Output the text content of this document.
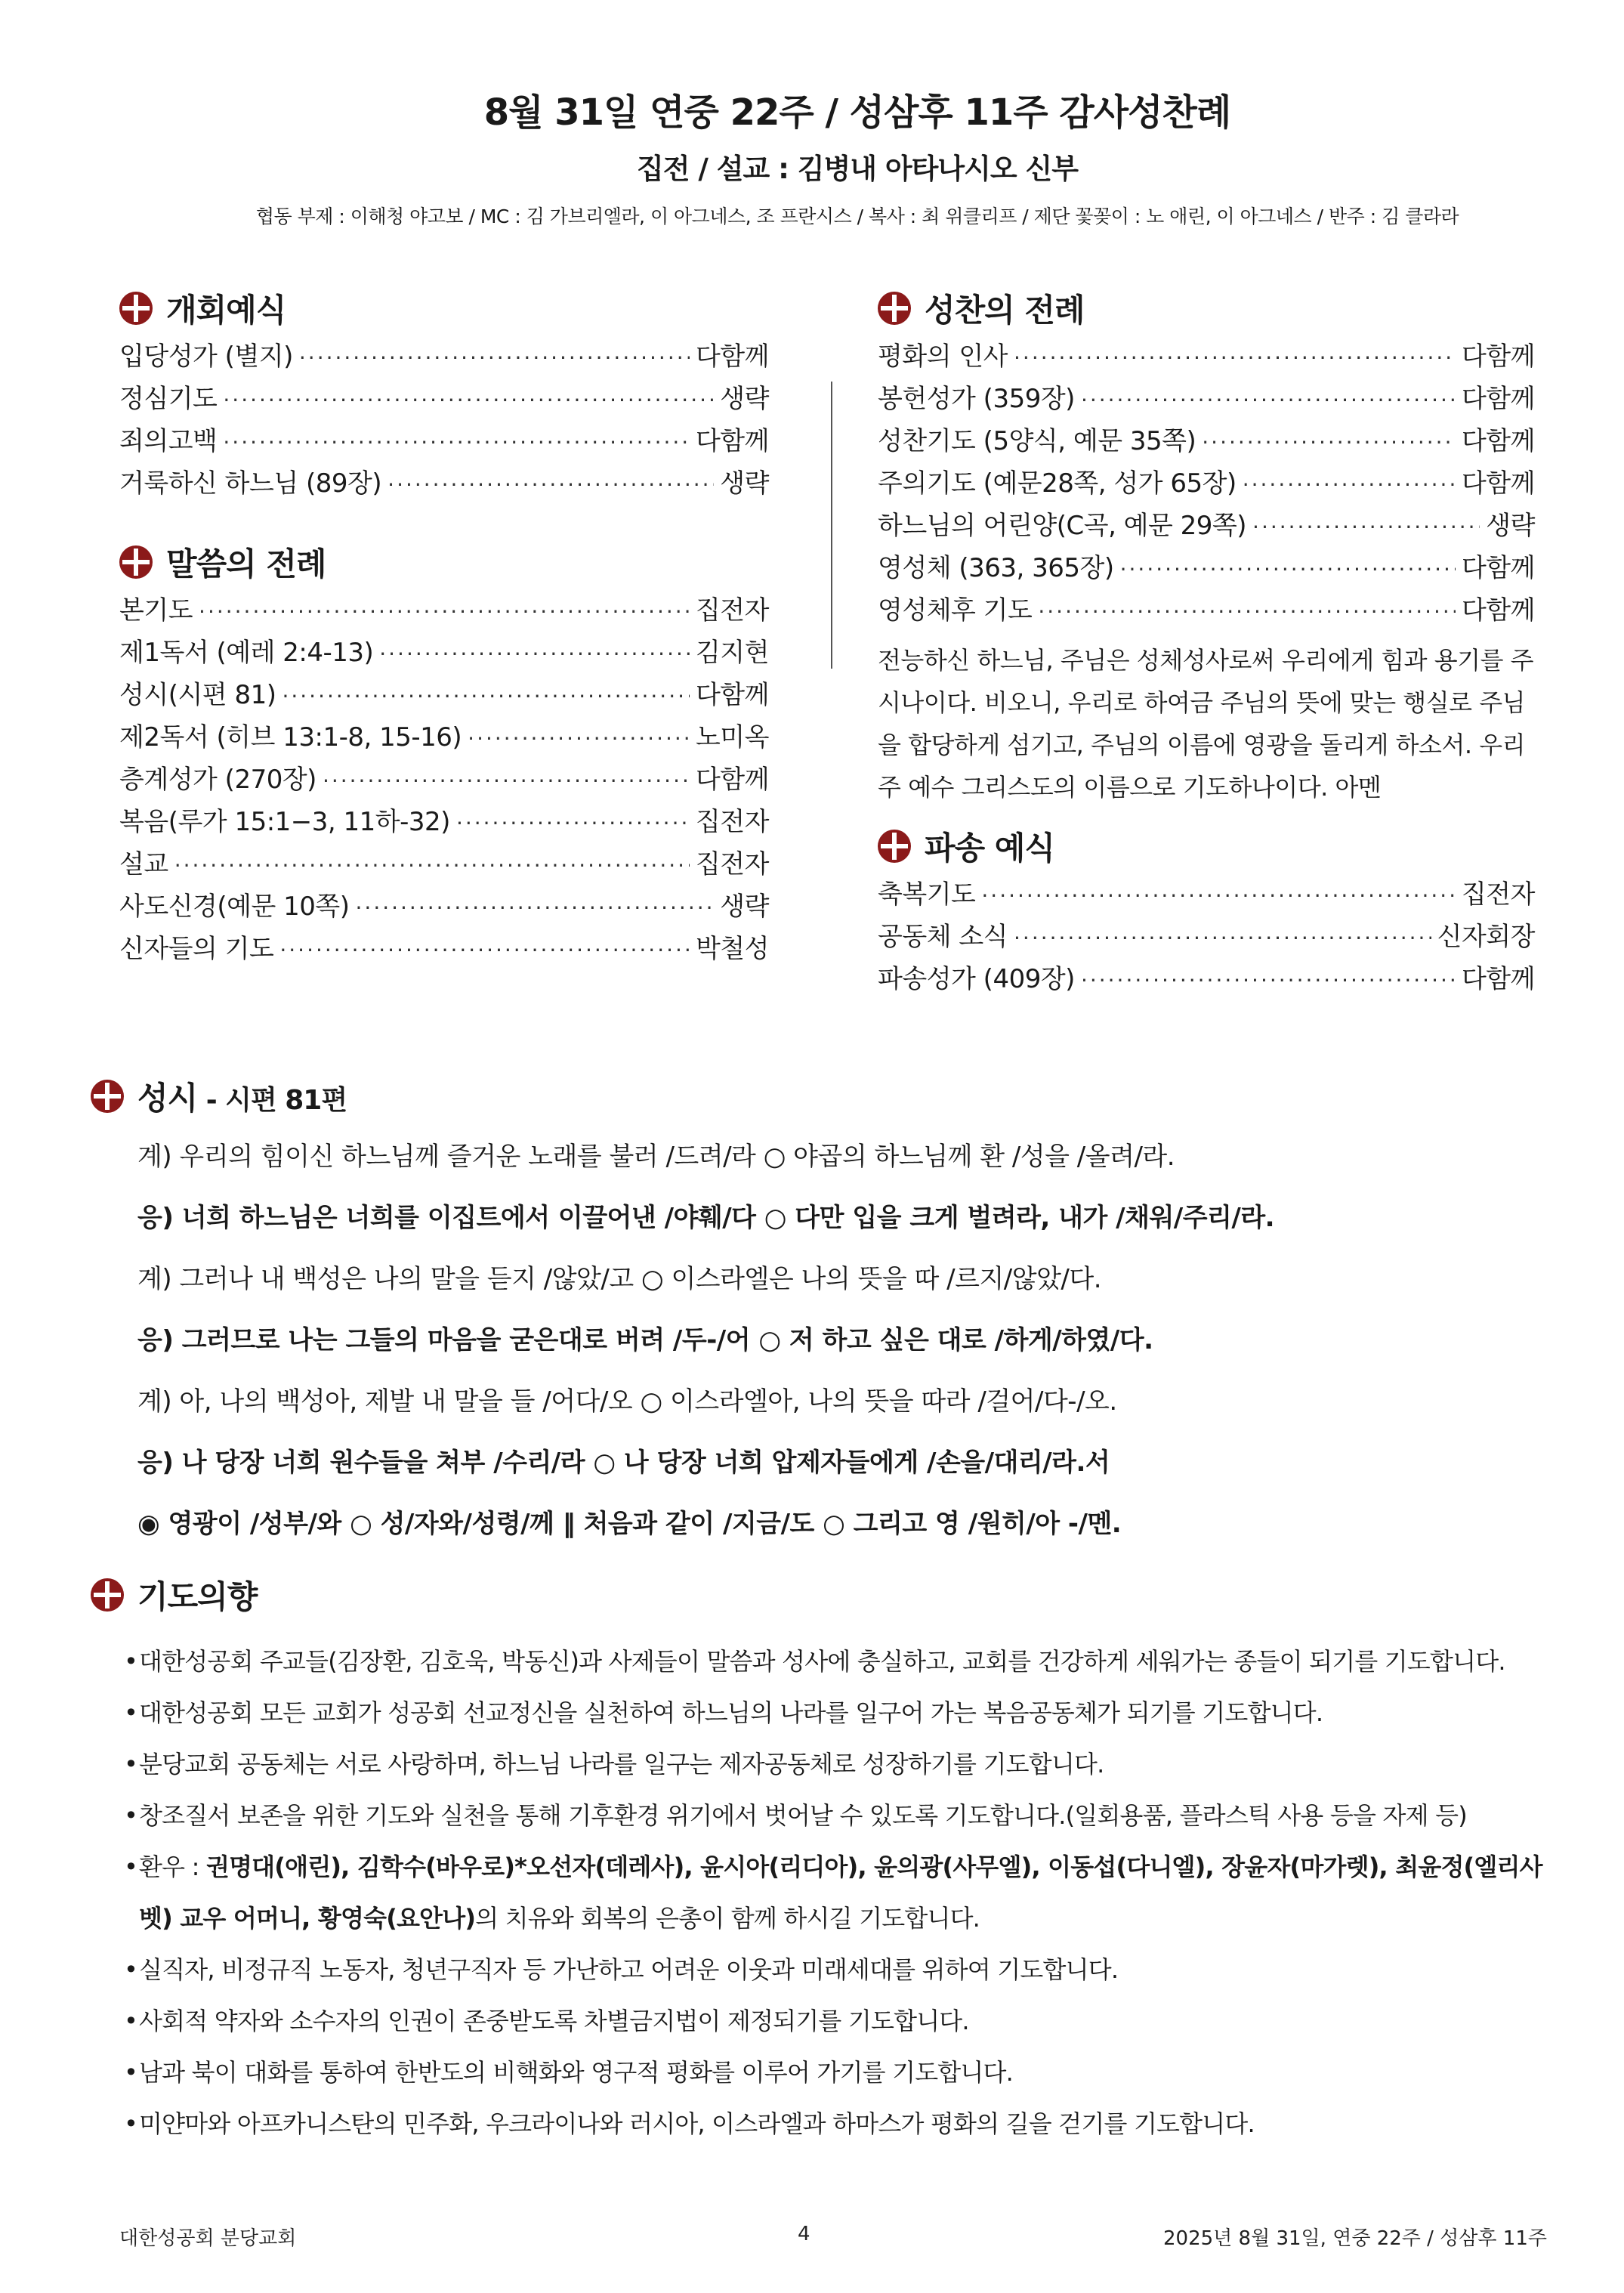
8월 31일 연중 22주 / 성삼후 11주 감사성찬례
집전 / 설교 : 김병내 아타나시오 신부
협동 부제 : 이해청 야고보 / MC : 김 가브리엘라, 이 아그네스, 조 프란시스 / 복사 : 최 위클리프 / 제단 꽃꽂이 : 노 애린, 이 아그네스 / 반주 : 김 클라라
개회예식
입당성가 (별지) ·····	다함께
정심기도 ·····	생략
죄의고백 ·····	다함께
거룩하신 하느님 (89장) ·····	생략
말씀의 전례
본기도 ·····	집전자
제1독서 (예레 2:4-13) ·····	김지현
성시(시편 81) ·····	다함께
제2독서 (히브 13:1-8, 15-16) ·····	노미옥
층계성가 (270장) ·····	다함께
복음(루가 15:1−3, 11하-32) ·····	집전자
설교 ·····	집전자
사도신경(예문 10쪽) ·····	생략
신자들의 기도 ·····	박철성
성찬의 전례
평화의 인사 ·····	다함께
봉헌성가 (359장) ·····	다함께
성찬기도 (5양식, 예문 35쪽) ·····	다함께
주의기도 (예문28쪽, 성가 65장) ·····	다함께
하느님의 어린양(C곡, 예문 29쪽) ·····	생략
영성체 (363, 365장) ·····	다함께
영성체후 기도 ·····	다함께
전능하신 하느님, 주님은 성체성사로써 우리에게 힘과 용기를 주시나이다. 비오니, 우리로 하여금 주님의 뜻에 맞는 행실로 주님을 합당하게 섬기고, 주님의 이름에 영광을 돌리게 하소서. 우리 주 예수 그리스도의 이름으로 기도하나이다. 아멘
파송 예식
축복기도 ·····	집전자
공동체 소식 ·····	신자회장
파송성가 (409장) ·····	다함께
성시 - 시편 81편
계) 우리의 힘이신 하느님께 즐거운 노래를 불러 /드려/라 ○ 야곱의 하느님께 환 /성을 /올려/라.
응) 너희 하느님은 너희를 이집트에서 이끌어낸 /야훼/다 ○ 다만 입을 크게 벌려라, 내가 /채워/주리/라.
계) 그러나 내 백성은 나의 말을 듣지 /않았/고 ○ 이스라엘은 나의 뜻을 따 /르지/않았/다.
응) 그러므로 나는 그들의 마음을 굳은대로 버려 /두-/어 ○ 저 하고 싶은 대로 /하게/하였/다.
계) 아, 나의 백성아, 제발 내 말을 들 /어다/오 ○ 이스라엘아, 나의 뜻을 따라 /걸어/다-/오.
응) 나 당장 너희 원수들을 쳐부 /수리/라 ○ 나 당장 너희 압제자들에게 /손을/대리/라.서
◉ 영광이 /성부/와 ○ 성/자와/성령/께 ‖ 처음과 같이 /지금/도 ○ 그리고 영 /원히/아 -/멘.
기도의향
• 대한성공회 주교들(김장환, 김호욱, 박동신)과 사제들이 말씀과 성사에 충실하고, 교회를 건강하게 세워가는 종들이 되기를 기도합니다.
• 대한성공회 모든 교회가 성공회 선교정신을 실천하여 하느님의 나라를 일구어 가는 복음공동체가 되기를 기도합니다.
• 분당교회 공동체는 서로 사랑하며, 하느님 나라를 일구는 제자공동체로 성장하기를 기도합니다.
• 창조질서 보존을 위한 기도와 실천을 통해 기후환경 위기에서 벗어날 수 있도록 기도합니다.(일회용품, 플라스틱 사용 등을 자제 등)
• 환우 : 권명대(애린), 김학수(바우로)*오선자(데레사), 윤시아(리디아), 윤의광(사무엘), 이동섭(다니엘), 장윤자(마가렛), 최윤정(엘리사벳) 교우 어머니, 황영숙(요안나)의 치유와 회복의 은총이 함께 하시길 기도합니다.
• 실직자, 비정규직 노동자, 청년구직자 등 가난하고 어려운 이웃과 미래세대를 위하여 기도합니다.
• 사회적 약자와 소수자의 인권이 존중받도록 차별금지법이 제정되기를 기도합니다.
• 남과 북이 대화를 통하여 한반도의 비핵화와 영구적 평화를 이루어 가기를 기도합니다.
• 미얀마와 아프카니스탄의 민주화, 우크라이나와 러시아, 이스라엘과 하마스가 평화의 길을 걷기를 기도합니다.
대한성공회 분당교회	4	2025년 8월 31일, 연중 22주 / 성삼후 11주
